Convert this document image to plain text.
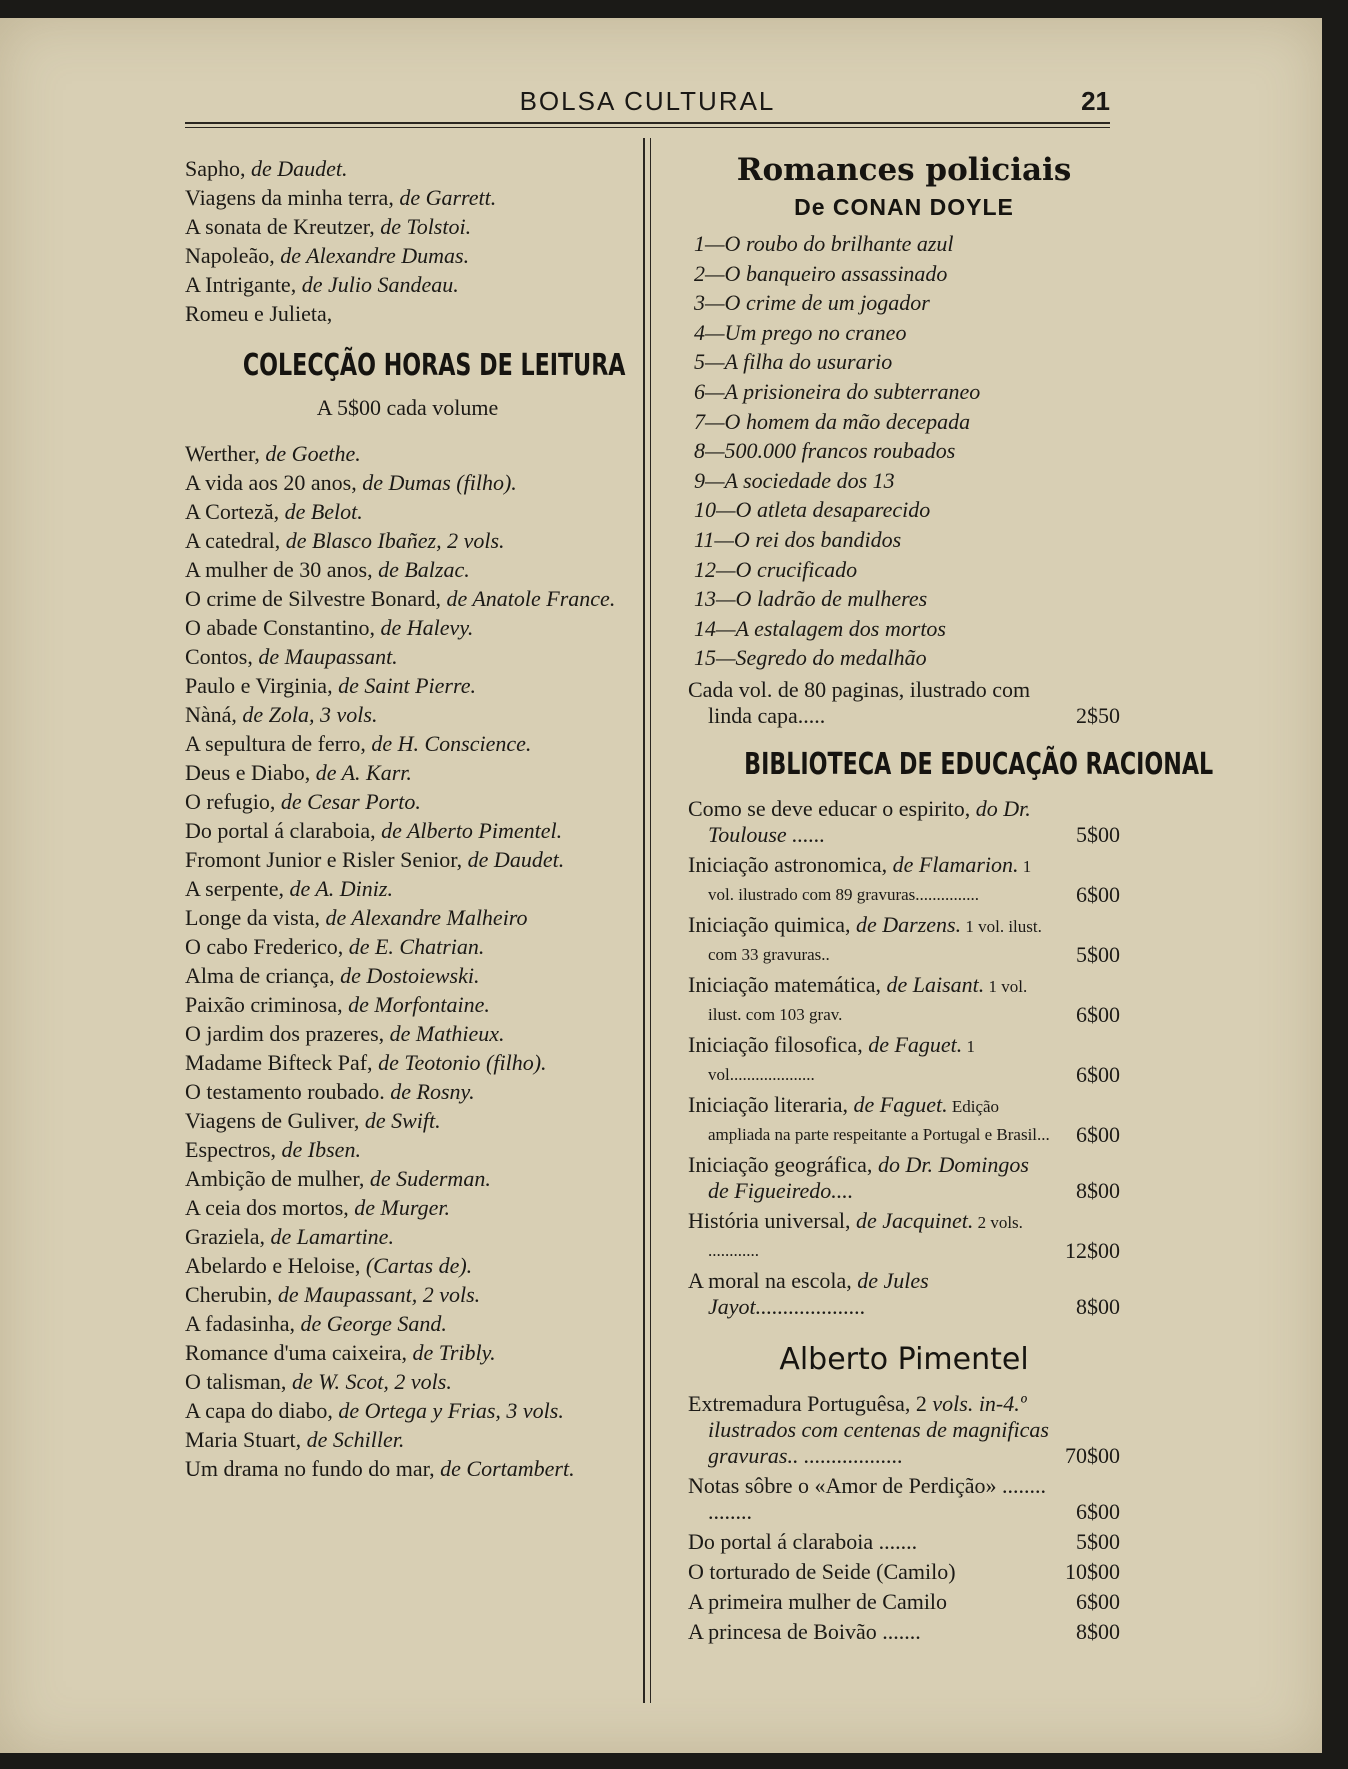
BOLSA CULTURAL	21
Sapho, de Daudet.
Viagens da minha terra, de Garrett.
A sonata de Kreutzer, de Tolstoi.
Napoleão, de Alexandre Dumas.
A Intrigante, de Julio Sandeau.
Romeu e Julieta,
COLECÇÃO HORAS DE LEITURA
A 5$00 cada volume
Werther, de Goethe.
A vida aos 20 anos, de Dumas (filho).
A Corteză, de Belot.
A catedral, de Blasco Ibañez, 2 vols.
A mulher de 30 anos, de Balzac.
O crime de Silvestre Bonard, de Anatole France.
O abade Constantino, de Halevy.
Contos, de Maupassant.
Paulo e Virginia, de Saint Pierre.
Nàná, de Zola, 3 vols.
A sepultura de ferro, de H. Conscience.
Deus e Diabo, de A. Karr.
O refugio, de Cesar Porto.
Do portal á claraboia, de Alberto Pimentel.
Fromont Junior e Risler Senior, de Daudet.
A serpente, de A. Diniz.
Longe da vista, de Alexandre Malheiro
O cabo Frederico, de E. Chatrian.
Alma de criança, de Dostoiewski.
Paixão criminosa, de Morfontaine.
O jardim dos prazeres, de Mathieux.
Madame Bifteck Paf, de Teotonio (filho).
O testamento roubado. de Rosny.
Viagens de Guliver, de Swift.
Espectros, de Ibsen.
Ambição de mulher, de Suderman.
A ceia dos mortos, de Murger.
Graziela, de Lamartine.
Abelardo e Heloise, (Cartas de).
Cherubin, de Maupassant, 2 vols.
A fadasinha, de George Sand.
Romance d'uma caixeira, de Tribly.
O talisman, de W. Scot, 2 vols.
A capa do diabo, de Ortega y Frias, 3 vols.
Maria Stuart, de Schiller.
Um drama no fundo do mar, de Cortambert.
Romances policiais
De CONAN DOYLE
1—O roubo do brilhante azul
2—O banqueiro assassinado
3—O crime de um jogador
4—Um prego no craneo
5—A filha do usurario
6—A prisioneira do subterraneo
7—O homem da mão decepada
8—500.000 francos roubados
9—A sociedade dos 13
10—O atleta desaparecido
11—O rei dos bandidos
12—O crucificado
13—O ladrão de mulheres
14—A estalagem dos mortos
15—Segredo do medalhão
Cada vol. de 80 paginas, ilustrado com linda capa.....	2$50
BIBLIOTECA DE EDUCAÇÃO RACIONAL
Como se deve educar o espirito, do Dr. Toulouse ......	5$00
Iniciação astronomica, de Flamarion. 1 vol. ilustrado com 89 gravuras...............	6$00
Iniciação quimica, de Darzens. 1 vol. ilust. com 33 gravuras..	5$00
Iniciação matemática, de Laisant. 1 vol. ilust. com 103 grav.	6$00
Iniciação filosofica, de Faguet. 1 vol....................	6$00
Iniciação literaria, de Faguet. Edição ampliada na parte respeitante a Portugal e Brasil...	6$00
Iniciação geográfica, do Dr. Domingos de Figueiredo....	8$00
História universal, de Jacquinet. 2 vols. ............	12$00
A moral na escola, de Jules Jayot....................	8$00
Alberto Pimentel
Extremadura Portuguêsa, 2 vols. in-4.º ilustrados com centenas de magnificas gravuras.. ..................	70$00
Notas sôbre o «Amor de Perdição» ........ ........	6$00
Do portal á claraboia .......	5$00
O torturado de Seide (Camilo)	10$00
A primeira mulher de Camilo	6$00
A princesa de Boivão .......	8$00
